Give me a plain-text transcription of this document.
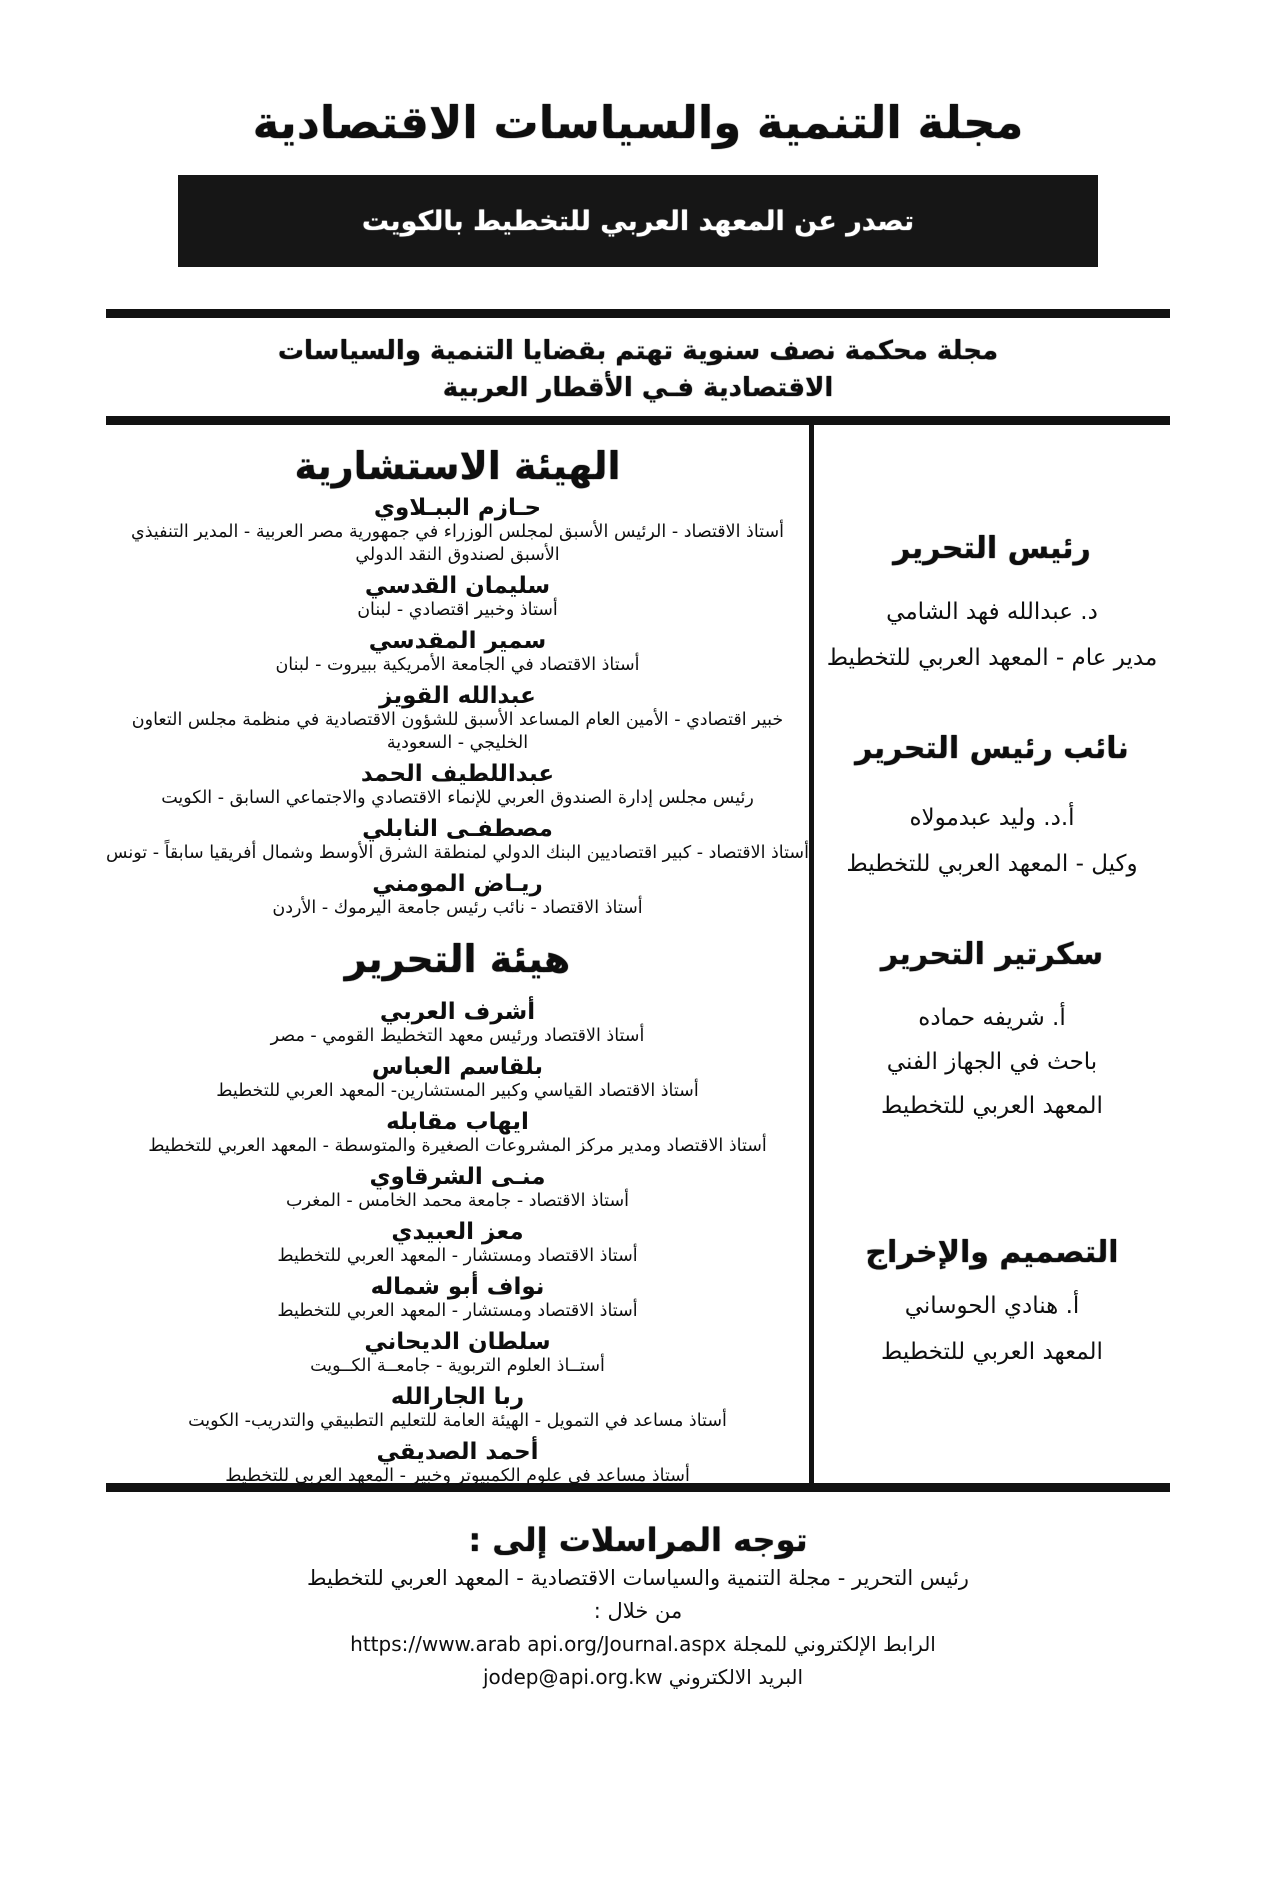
مجلة التنمية والسياسات الاقتصادية
تصدر عن المعهد العربي للتخطيط بالكويت
مجلة محكمة نصف سنوية تهتم بقضايا التنمية والسياسات
الاقتصادية فـي الأقطار العربية
الهيئة الاستشارية
حـازم الببـلاوي
أستاذ الاقتصاد - الرئيس الأسبق لمجلس الوزراء في جمهورية مصر العربية - المدير التنفيذي الأسبق لصندوق النقد الدولي
سليمان القدسي
أستاذ وخبير اقتصادي - لبنان
سمير المقدسي
أستاذ الاقتصاد في الجامعة الأمريكية ببيروت - لبنان
عبدالله القويز
خبير اقتصادي - الأمين العام المساعد الأسبق للشؤون الاقتصادية في منظمة مجلس التعاون الخليجي - السعودية
عبداللطيف الحمد
رئيس مجلس إدارة الصندوق العربي للإنماء الاقتصادي والاجتماعي السابق - الكويت
مصطفـى النابلي
أستاذ الاقتصاد - كبير اقتصاديين البنك الدولي لمنطقة الشرق الأوسط وشمال أفريقيا سابقاً - تونس
ريـاض المومني
أستاذ الاقتصاد - نائب رئيس جامعة اليرموك - الأردن
هيئة التحرير
أشرف العربي
أستاذ الاقتصاد ورئيس معهد التخطيط القومي - مصر
بلقاسم العباس
أستاذ الاقتصاد القياسي وكبير المستشارين- المعهد العربي للتخطيط
ايهاب مقابله
أستاذ الاقتصاد ومدير مركز المشروعات الصغيرة والمتوسطة - المعهد العربي للتخطيط
منـى الشرقاوي
أستاذ الاقتصاد - جامعة محمد الخامس - المغرب
معز العبيدي
أستاذ الاقتصاد ومستشار - المعهد العربي للتخطيط
نواف أبو شماله
أستاذ الاقتصاد ومستشار - المعهد العربي للتخطيط
سلطان الديحاني
أستــاذ العلوم التربوية - جامعــة الكــويت
ربا الجارالله
أستاذ مساعد في التمويل - الهيئة العامة للتعليم التطبيقي والتدريب- الكويت
أحمد الصديقي
أستاذ مساعد في علوم الكمبيوتر وخبير - المعهد العربي للتخطيط
رئيس التحرير
د. عبدالله فهد الشامي
مدير عام - المعهد العربي للتخطيط
نائب رئيس التحرير
أ.د. وليد عبدمولاه
وكيل - المعهد العربي للتخطيط
سكرتير التحرير
أ. شريفه حماده
باحث في الجهاز الفني
المعهد العربي للتخطيط
التصميم والإخراج
أ. هنادي الحوساني
المعهد العربي للتخطيط
توجه المراسلات إلى :
رئيس التحرير - مجلة التنمية والسياسات الاقتصادية - المعهد العربي للتخطيط
من خلال :
الرابط الإلكتروني للمجلة https://www.arab api.org/Journal.aspx
البريد الالكتروني jodep@api.org.kw
